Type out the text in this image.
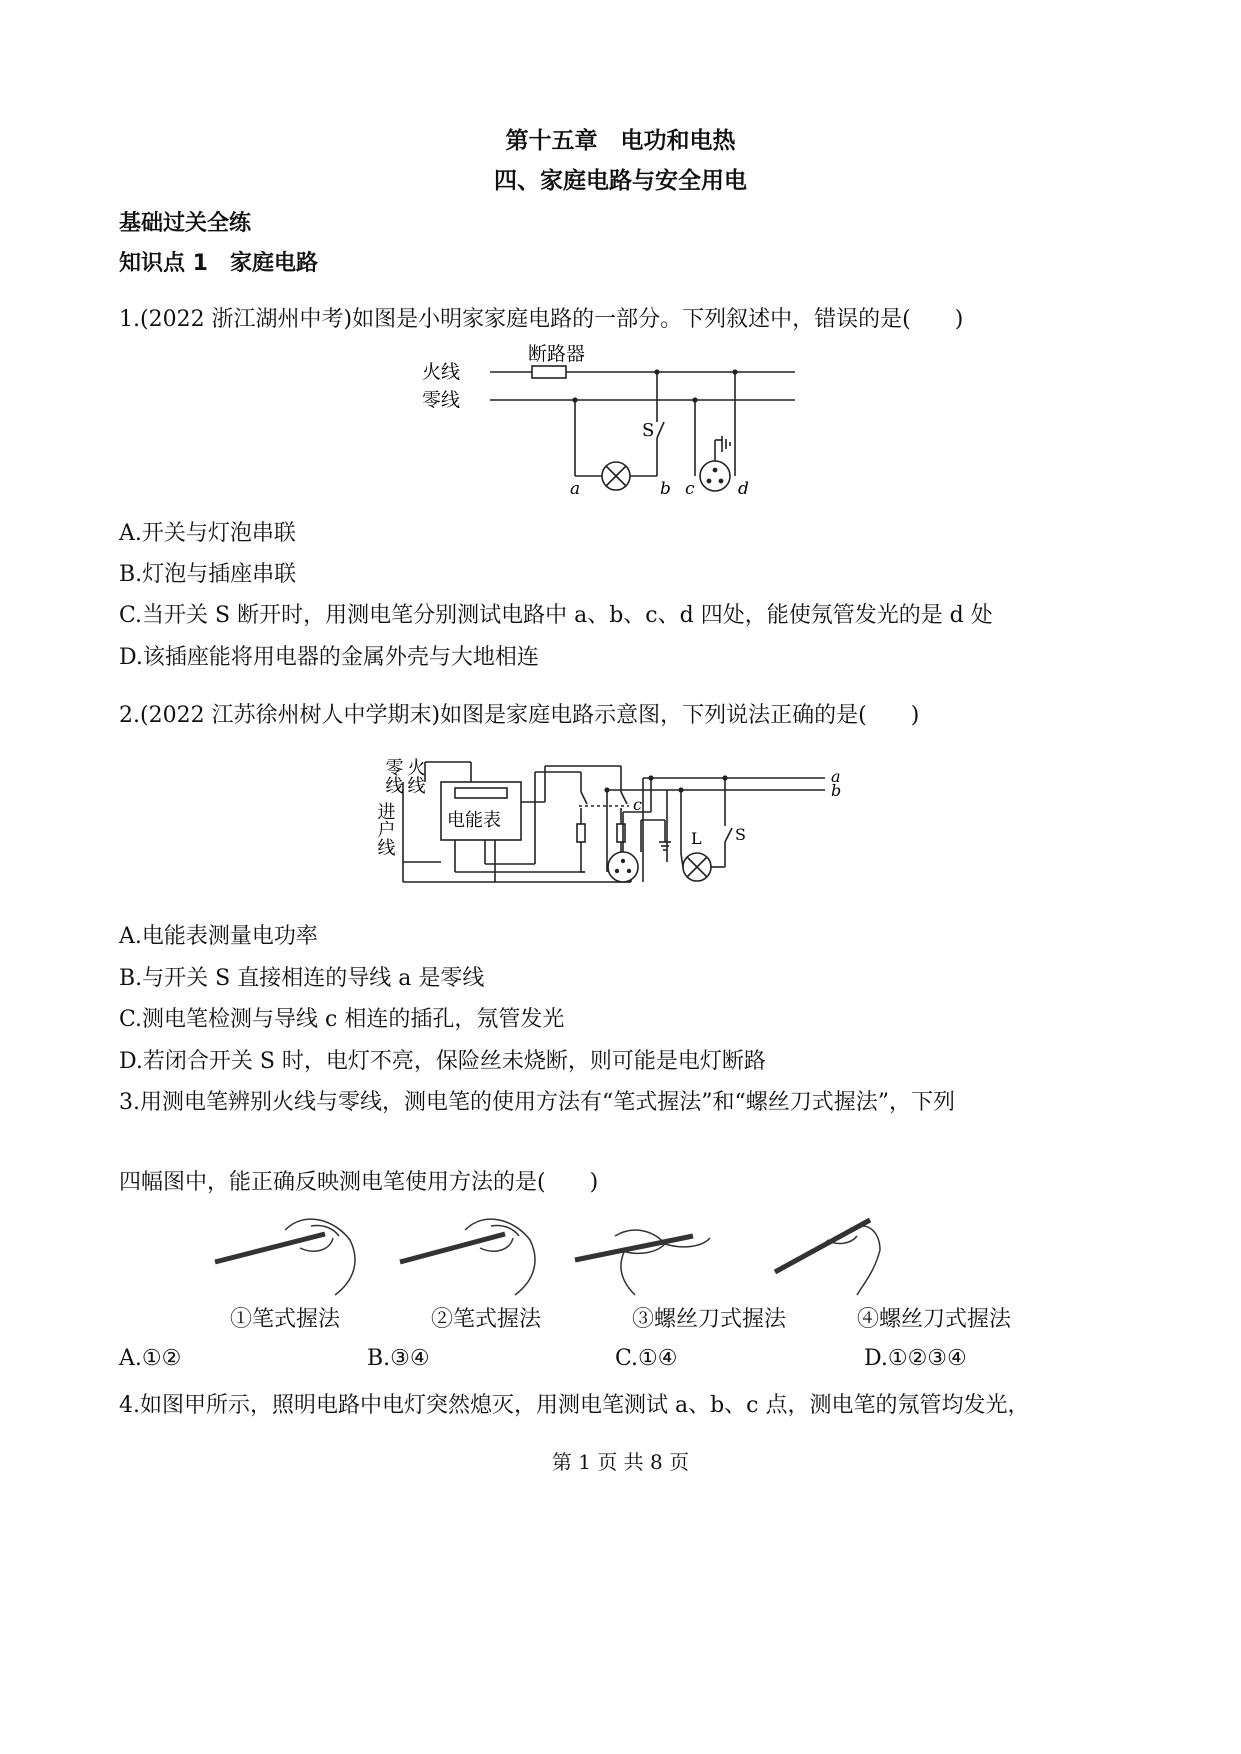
第十五章　电功和电热
四、家庭电路与安全用电
基础过关全练
知识点 1　家庭电路
1.(2022 浙江湖州中考)如图是小明家家庭电路的一部分。下列叙述中，错误的是(　　)
火线
零线
断路器
S
a	b c	d
A.开关与灯泡串联
B.灯泡与插座串联
C.当开关 S 断开时，用测电笔分别测试电路中 a、b、c、d 四处，能使氖管发光的是 d 处
D.该插座能将用电器的金属外壳与大地相连
2.(2022 江苏徐州树人中学期末)如图是家庭电路示意图，下列说法正确的是(　　)
零线 火线
进户线	电能表
a
b
c
L S
A.电能表测量电功率
B.与开关 S 直接相连的导线 a 是零线
C.测电笔检测与导线 c 相连的插孔，氖管发光
D.若闭合开关 S 时，电灯不亮，保险丝未烧断，则可能是电灯断路
3.用测电笔辨别火线与零线，测电笔的使用方法有“笔式握法”和“螺丝刀式握法”，下列
四幅图中，能正确反映测电笔使用方法的是(　　)
①笔式握法	②笔式握法	③螺丝刀式握法	④螺丝刀式握法
A.①②	B.③④	C.①④	D.①②③④
4.如图甲所示，照明电路中电灯突然熄灭，用测电笔测试 a、b、c 点，测电笔的氖管均发光，
第 1 页 共 8 页
